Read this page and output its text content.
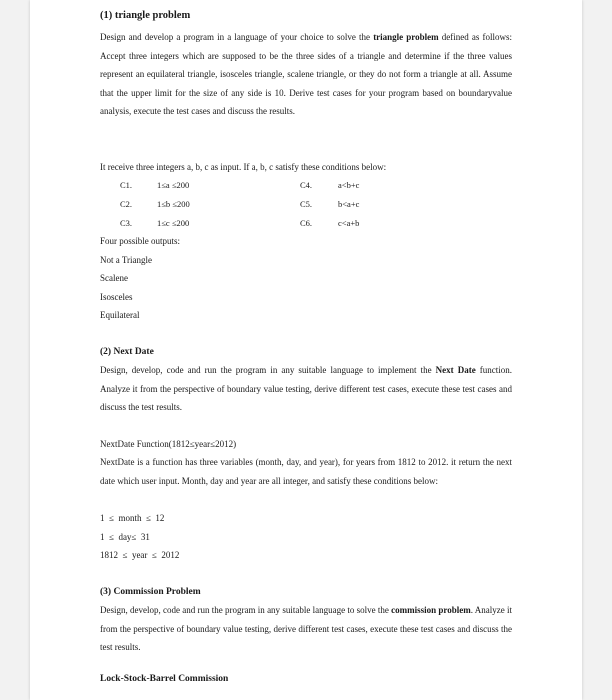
(1) triangle problem
Design and develop a program in a language of your choice to solve the triangle problem defined as follows: Accept three integers which are supposed to be the three sides of a triangle and determine if the three values represent an equilateral triangle, isosceles triangle, scalene triangle, or they do not form a triangle at all. Assume that the upper limit for the size of any side is 10. Derive test cases for your program based on boundaryvalue analysis, execute the test cases and discuss the results.
It receive three integers a, b, c as input. If a, b, c satisfy these conditions below:
C1.	1≤a ≤200	C4.	a<b+c
C2.	1≤b ≤200	C5.	b<a+c
C3.	1≤c ≤200	C6.	c<a+b
Four possible outputs:
Not a Triangle
Scalene
Isosceles
Equilateral
(2) Next Date
Design, develop, code and run the program in any suitable language to implement the Next Date function. Analyze it from the perspective of boundary value testing, derive different test cases, execute these test cases and discuss the test results.
NextDate Function(1812≤year≤2012)
NextDate is a function has three variables (month, day, and year), for years from 1812 to 2012. it return the next date which user input. Month, day and year are all integer, and satisfy these conditions below:
1  ≤  month  ≤  12
1  ≤  day≤  31
1812  ≤  year  ≤  2012
(3) Commission Problem
Design, develop, code and run the program in any suitable language to solve the commission problem. Analyze it from the perspective of boundary value testing, derive different test cases, execute these test cases and discuss the test results.
Lock-Stock-Barrel Commission
